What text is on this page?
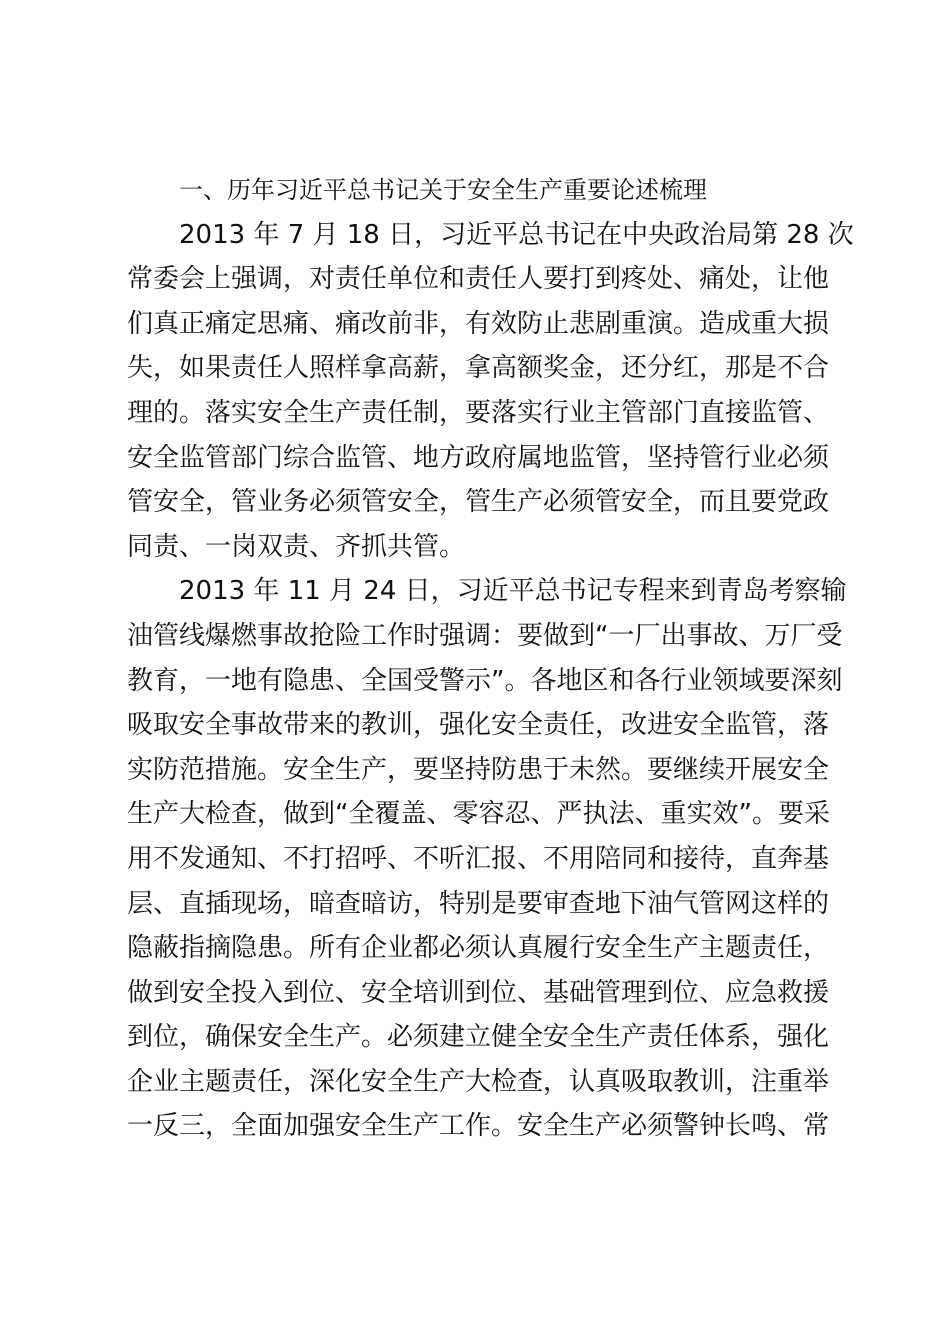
一、历年习近平总书记关于安全生产重要论述梳理
2013 年 7 月 18 日，习近平总书记在中央政治局第 28 次
常委会上强调，对责任单位和责任人要打到疼处、痛处，让他
们真正痛定思痛、痛改前非，有效防止悲剧重演。造成重大损
失，如果责任人照样拿高薪，拿高额奖金，还分红，那是不合
理的。落实安全生产责任制，要落实行业主管部门直接监管、
安全监管部门综合监管、地方政府属地监管，坚持管行业必须
管安全，管业务必须管安全，管生产必须管安全，而且要党政
同责、一岗双责、齐抓共管。
2013 年 11 月 24 日，习近平总书记专程来到青岛考察输
油管线爆燃事故抢险工作时强调：要做到“一厂出事故、万厂受
教育，一地有隐患、全国受警示”。各地区和各行业领域要深刻
吸取安全事故带来的教训，强化安全责任，改进安全监管，落
实防范措施。安全生产，要坚持防患于未然。要继续开展安全
生产大检查，做到“全覆盖、零容忍、严执法、重实效”。要采
用不发通知、不打招呼、不听汇报、不用陪同和接待，直奔基
层、直插现场，暗查暗访，特别是要审查地下油气管网这样的
隐蔽指摘隐患。所有企业都必须认真履行安全生产主题责任，
做到安全投入到位、安全培训到位、基础管理到位、应急救援
到位，确保安全生产。必须建立健全安全生产责任体系，强化
企业主题责任，深化安全生产大检查，认真吸取教训，注重举
一反三，全面加强安全生产工作。安全生产必须警钟长鸣、常
